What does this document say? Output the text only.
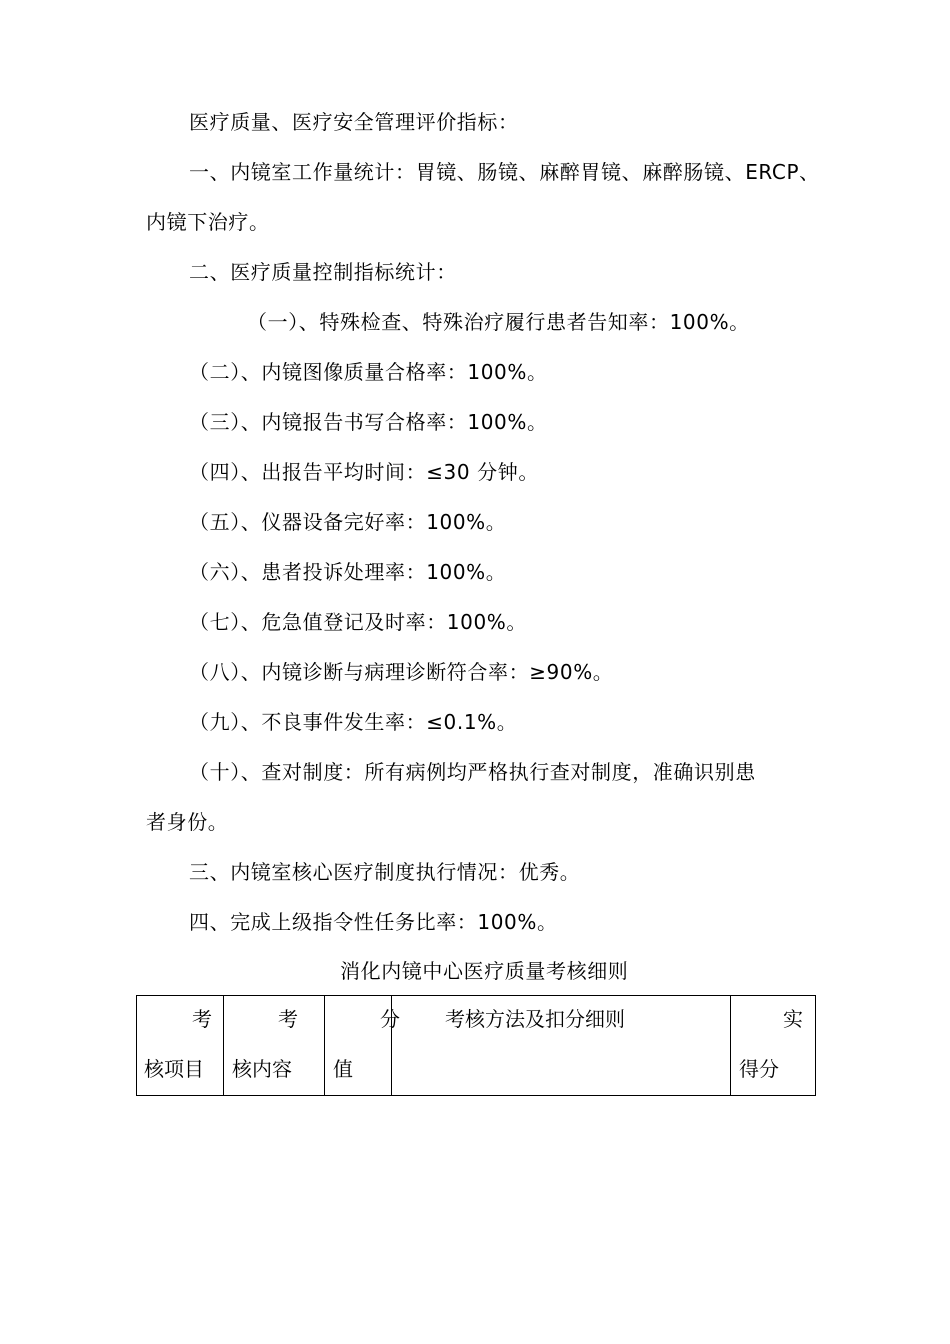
医疗质量、医疗安全管理评价指标：
一、内镜室工作量统计：胃镜、肠镜、麻醉胃镜、麻醉肠镜、ERCP、
内镜下治疗。
二、医疗质量控制指标统计：
（一）、特殊检查、特殊治疗履行患者告知率：100%。
（二）、内镜图像质量合格率：100%。
（三）、内镜报告书写合格率：100%。
（四）、出报告平均时间：≤30 分钟。
（五）、仪器设备完好率：100%。
（六）、患者投诉处理率：100%。
（七）、危急值登记及时率：100%。
（八）、内镜诊断与病理诊断符合率：≥90%。
（九）、不良事件发生率：≤0.1%。
（十）、查对制度：所有病例均严格执行查对制度，准确识别患
者身份。
三、内镜室核心医疗制度执行情况：优秀。
四、完成上级指令性任务比率：100%。
消化内镜中心医疗质量考核细则
考
核项目
考
核内容
分
值
考核方法及扣分细则	实
得分
